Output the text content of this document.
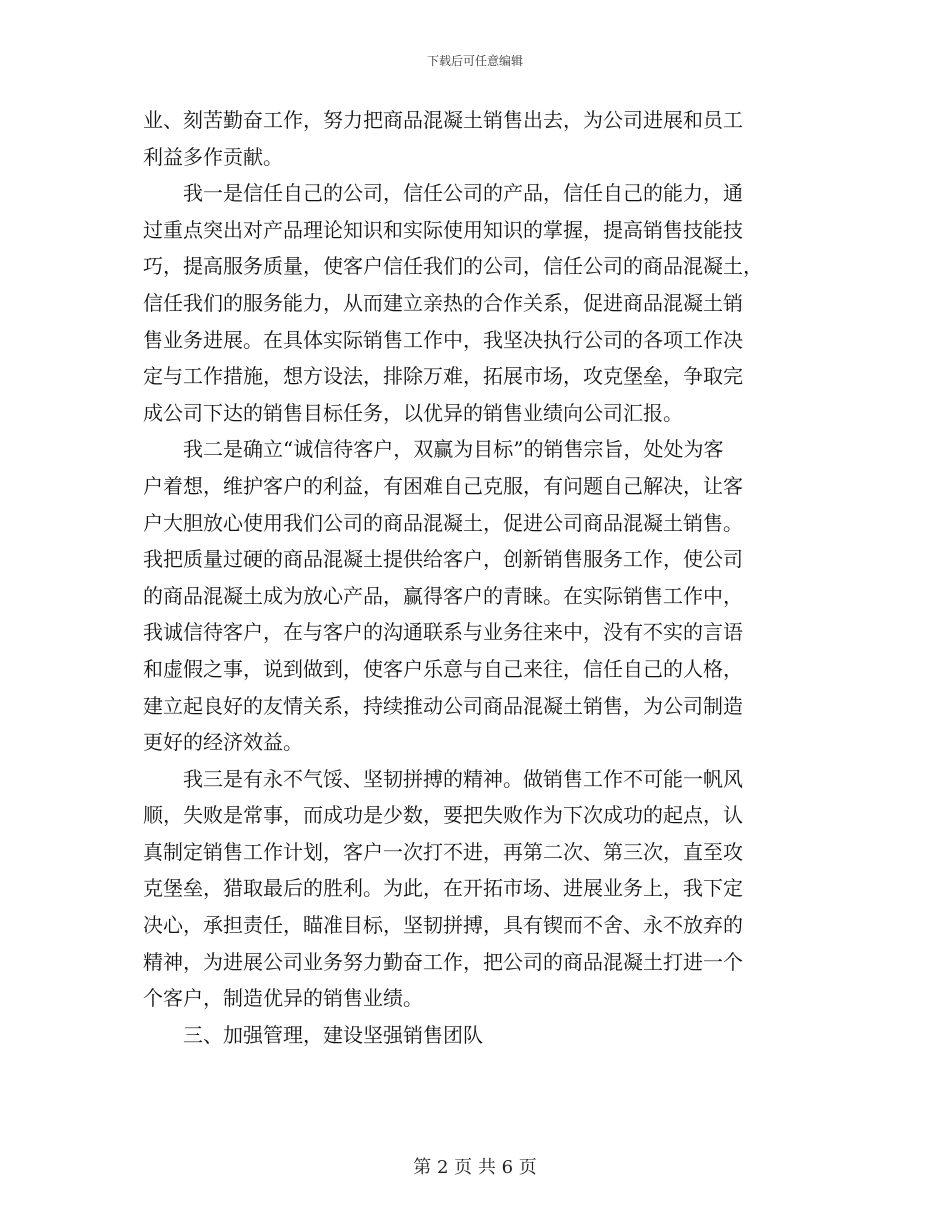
下载后可任意编辑
业、刻苦勤奋工作，努力把商品混凝土销售出去，为公司进展和员工
利益多作贡献。
　　我一是信任自己的公司，信任公司的产品，信任自己的能力，通
过重点突出对产品理论知识和实际使用知识的掌握，提高销售技能技
巧，提高服务质量，使客户信任我们的公司，信任公司的商品混凝土，
信任我们的服务能力，从而建立亲热的合作关系，促进商品混凝土销
售业务进展。在具体实际销售工作中，我坚决执行公司的各项工作决
定与工作措施，想方设法，排除万难，拓展市场，攻克堡垒，争取完
成公司下达的销售目标任务，以优异的销售业绩向公司汇报。
　　我二是确立“诚信待客户，双赢为目标”的销售宗旨，处处为客
户着想，维护客户的利益，有困难自己克服，有问题自己解决，让客
户大胆放心使用我们公司的商品混凝土，促进公司商品混凝土销售。
我把质量过硬的商品混凝土提供给客户，创新销售服务工作，使公司
的商品混凝土成为放心产品，赢得客户的青睐。在实际销售工作中，
我诚信待客户，在与客户的沟通联系与业务往来中，没有不实的言语
和虚假之事，说到做到，使客户乐意与自己来往，信任自己的人格，
建立起良好的友情关系，持续推动公司商品混凝土销售，为公司制造
更好的经济效益。
　　我三是有永不气馁、坚韧拼搏的精神。做销售工作不可能一帆风
顺，失败是常事，而成功是少数，要把失败作为下次成功的起点，认
真制定销售工作计划，客户一次打不进，再第二次、第三次，直至攻
克堡垒，猎取最后的胜利。为此，在开拓市场、进展业务上，我下定
决心，承担责任，瞄准目标，坚韧拼搏，具有锲而不舍、永不放弃的
精神，为进展公司业务努力勤奋工作，把公司的商品混凝土打进一个
个客户，制造优异的销售业绩。
　　三、加强管理，建设坚强销售团队
第 2 页 共 6 页
